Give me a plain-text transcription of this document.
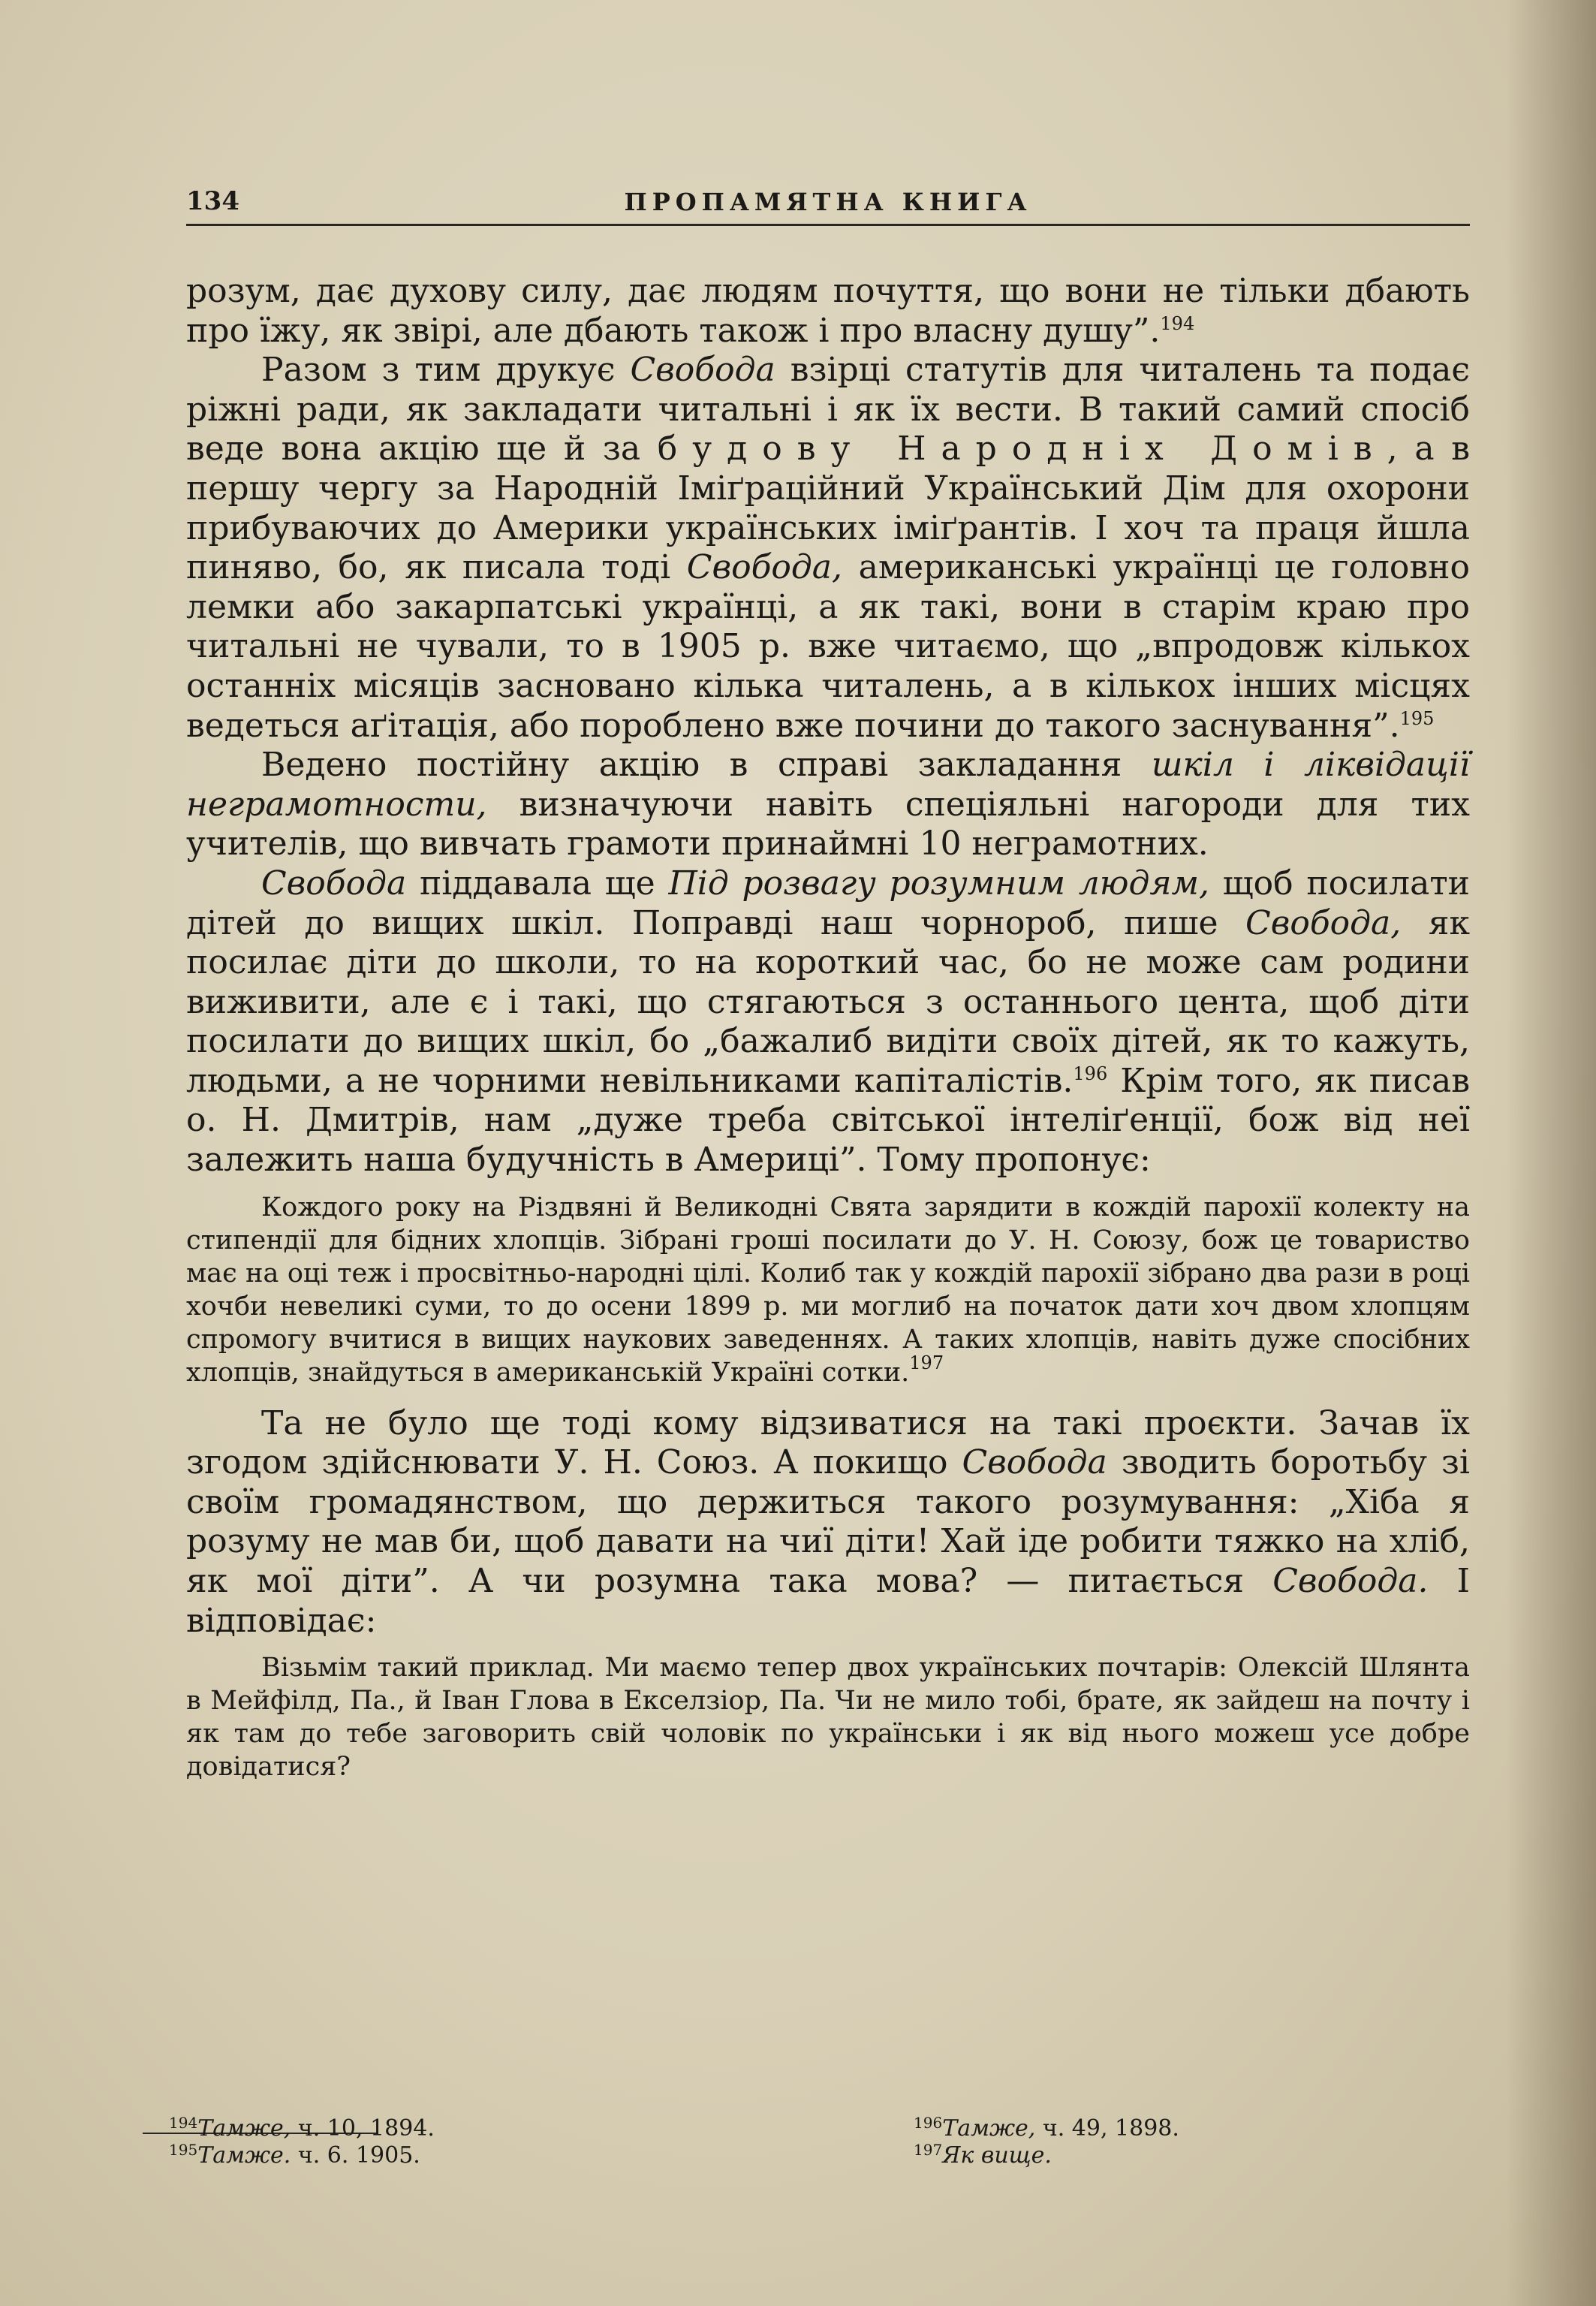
134	ПРОПАМЯТНА КНИГА

розум, дає духову силу, дає людям почуття, що вони не тільки дбають про їжу, як звірі, але дбають також і про власну душу”.$^{194}$

Разом з тим друкує Свобода взірці статутів для читалень та подає ріжні ради, як закладати читальні і як їх вести. В такий самий спосіб веде вона акцію ще й за будову Народніх Домів, а в першу чергу за Народній Іміґраційний Український Дім для охорони прибуваючих до Америки українських іміґрантів. І хоч та праця йшла пиняво, бо, як писала тоді Свобода, американські українці це головно лемки або закарпатські українці, а як такі, вони в старім краю про читальні не чували, то в 1905 р. вже читаємо, що „впродовж кількох останніх місяців засновано кілька читалень, а в кількох інших місцях ведеться аґітація, або пороблено вже почини до такого заснування”.$^{195}$

Ведено постійну акцію в справі закладання шкіл і ліквідації неграмотности, визначуючи навіть спеціяльні нагороди для тих учителів, що вивчать грамоти принаймні 10 неграмотних.

Свобода піддавала ще Під розвагу розумним людям, щоб посилати дітей до вищих шкіл. Поправді наш чорнороб, пише Свобода, як посилає діти до школи, то на короткий час, бо не може сам родини виживити, але є і такі, що стягаються з останнього цента, щоб діти посилати до вищих шкіл, бо „бажалиб видіти своїх дітей, як то кажуть, людьми, а не чорними невільниками капіталістів.$^{196}$ Крім того, як писав о. Н. Дмитрів, нам „дуже треба світської інтеліґенції, бож від неї залежить наша будучність в Америці”. Тому пропонує:

Кождого року на Різдвяні й Великодні Свята зарядити в кождій парохії колекту на стипендії для бідних хлопців. Зібрані гроші посилати до У. Н. Союзу, бож це товариство має на оці теж і просвітньо-народні цілі. Колиб так у кождій парохії зібрано два рази в році хочби невеликі суми, то до осени 1899 р. ми моглиб на початок дати хоч двом хлопцям спромогу вчитися в вищих наукових заведеннях. А таких хлопців, навіть дуже спосібних хлопців, знайдуться в американській Україні сотки.$^{197}$

Та не було ще тоді кому відзиватися на такі проєкти. Зачав їх згодом здійснювати У. Н. Союз. А покищо Свобода зводить боротьбу зі своїм громадянством, що держиться такого розумування: „Хіба я розуму не мав би, щоб давати на чиї діти! Хай іде робити тяжко на хліб, як мої діти”. А чи розумна така мова? — питається Свобода. І відповідає:

Візьмім такий приклад. Ми маємо тепер двох українських почтарів: Олексій Шлянта в Мейфілд, Па., й Іван Глова в Екселзіор, Па. Чи не мило тобі, брате, як зайдеш на почту і як там до тебе заговорить свій чоловік по українськи і як від нього можеш усе добре довідатися?

$^{194}$Тамже, ч. 10, 1894.
$^{195}$Тамже. ч. 6. 1905.
$^{196}$Тамже, ч. 49, 1898.
$^{197}$Як вище.
